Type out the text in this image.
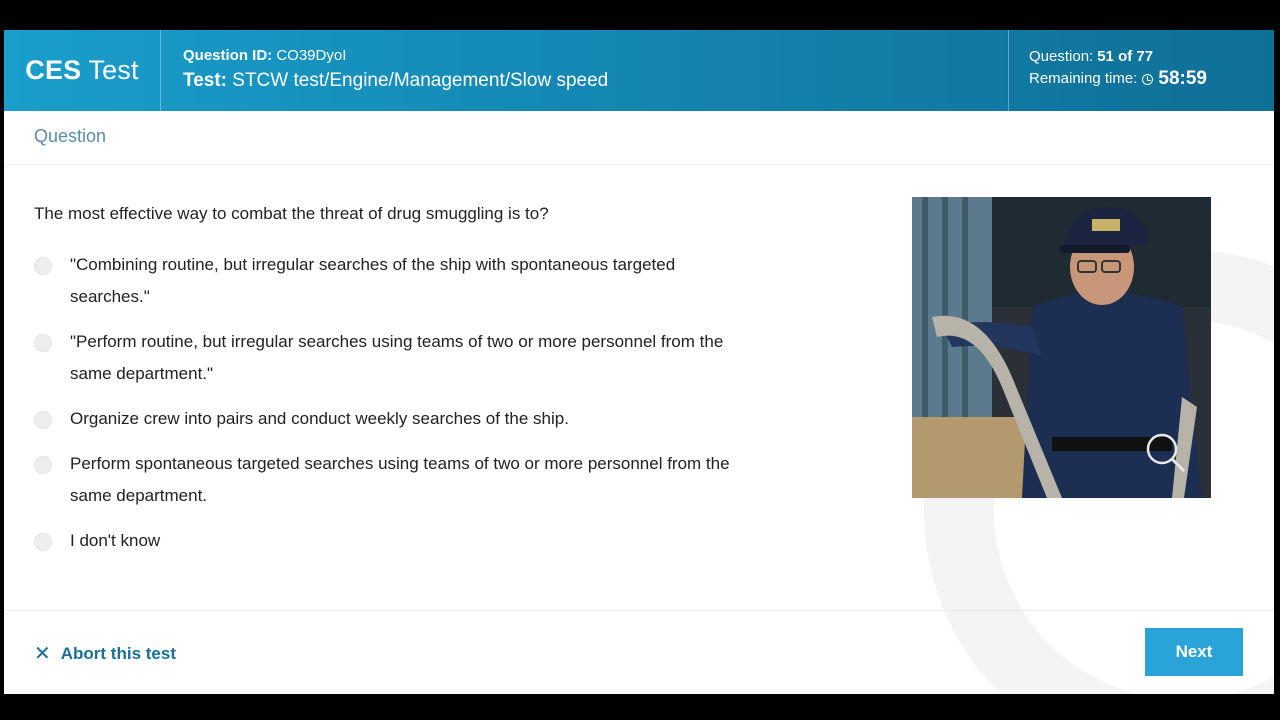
CES Test	Question ID: CO39DyoI
Test: STCW test/Engine/Management/Slow speed
Question: 51 of 77
Remaining time: 58:59
Question
The most effective way to combat the threat of drug smuggling is to?
"Combining routine, but irregular searches of the ship with spontaneous targeted searches."
"Perform routine, but irregular searches using teams of two or more personnel from the same department."
Organize crew into pairs and conduct weekly searches of the ship.
Perform spontaneous targeted searches using teams of two or more personnel from the same department.
I don't know
✕ Abort this test	Next
